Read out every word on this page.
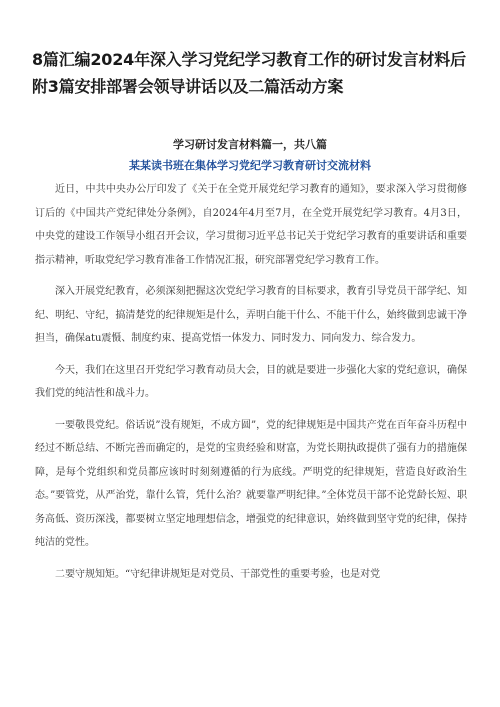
8篇汇编2024年深入学习党纪学习教育工作的研讨发言材料后附3篇安排部署会领导讲话以及二篇活动方案
学习研讨发言材料篇一，共八篇
某某读书班在集体学习党纪学习教育研讨交流材料

近日，中共中央办公厅印发了《关于在全党开展党纪学习教育的通知》，要求深入学习贯彻修订后的《中国共产党纪律处分条例》，自2024年4月至7月，在全党开展党纪学习教育。4月3日，中央党的建设工作领导小组召开会议，学习贯彻习近平总书记关于党纪学习教育的重要讲话和重要指示精神，听取党纪学习教育准备工作情况汇报，研究部署党纪学习教育工作。

深入开展党纪教育，必须深刻把握这次党纪学习教育的目标要求，教育引导党员干部学纪、知纪、明纪、守纪，搞清楚党的纪律规矩是什么，弄明白能干什么、不能干什么，始终做到忠诚干净担当，确保atu震慑、制度约束、提高党悟一体发力、同时发力、同向发力、综合发力。

今天，我们在这里召开党纪学习教育动员大会，目的就是要进一步强化大家的党纪意识，确保我们党的纯洁性和战斗力。

一要敬畏党纪。俗话说”没有规矩，不成方圆”，党的纪律规矩是中国共产党在百年奋斗历程中经过不断总结、不断完善而确定的，是党的宝贵经验和财富，为党长期执政提供了强有力的措施保障，是每个党组织和党员都应该时时刻刻遵循的行为底线。严明党的纪律规矩，营造良好政治生态。”要管党，从严治党，靠什么管，凭什么治？就要靠严明纪律。”全体党员干部不论党龄长短、职务高低、资历深浅，都要树立坚定地理想信念，增强党的纪律意识，始终做到坚守党的纪律，保持纯洁的党性。

二要守规知矩。“守纪律讲规矩是对党员、干部党性的重要考验，也是对党
